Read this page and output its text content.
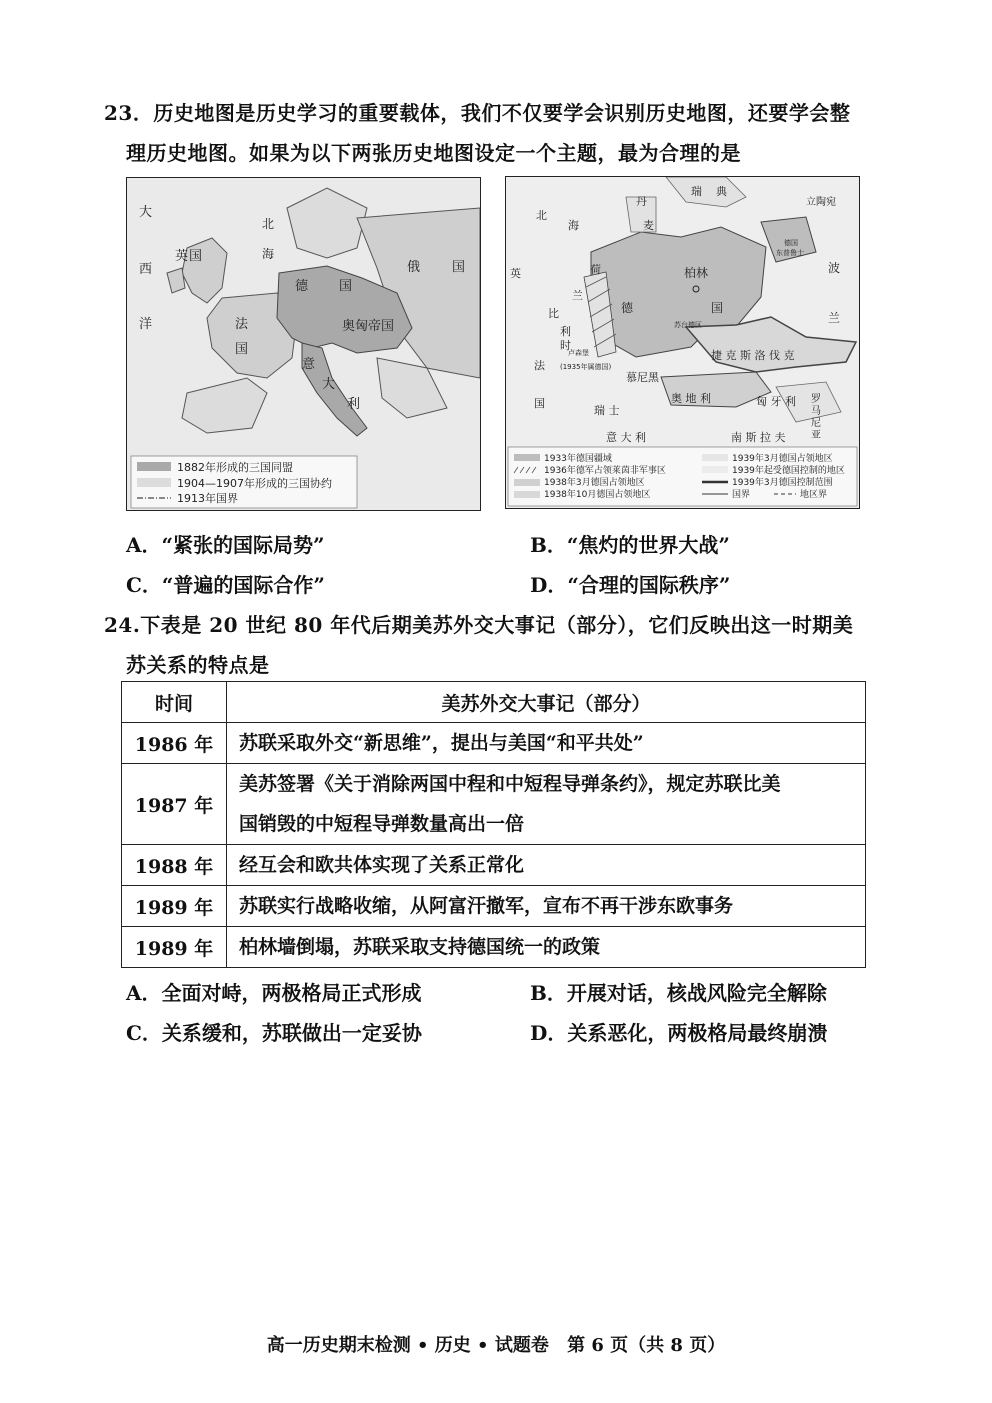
23．历史地图是历史学习的重要载体，我们不仅要学会识别历史地图，还要学会整
理历史地图。如果为以下两张历史地图设定一个主题，最为合理的是
大
西
洋
英 国
法
国
德 国
俄 国
奥匈帝国
意
大
利
北
海
1882年形成的三国同盟
1904—1907年形成的三国协约
1913年国界
瑞 典
丹
麦
北
海
英	荷
兰
比
利
时
法
国
卢森堡
(1935年属德国)
柏林
德	国
立陶宛
德国
东普鲁士
波
兰
苏台德区
捷 克 斯 洛 伐 克
慕尼黑
奥 地 利	匈 牙 利 罗
马
尼
亚
瑞 士
意 大 利	南 斯 拉 夫
1933年德国疆域
1936年德军占领莱茵非军事区
1938年3月德国占领地区
1938年10月德国占领地区
1939年3月德国占领地区
1939年起受德国控制的地区
1939年3月德国控制范围
国界	地区界
A．“紧张的国际局势”	B．“焦灼的世界大战”
C．“普遍的国际合作”	D．“合理的国际秩序”
24.下表是 20 世纪 80 年代后期美苏外交大事记（部分），它们反映出这一时期美
苏关系的特点是
时间	美苏外交大事记（部分）
1986 年	苏联采取外交“新思维”，提出与美国“和平共处”
1987 年	美苏签署《关于消除两国中程和中短程导弹条约》，规定苏联比美
国销毁的中短程导弹数量高出一倍

1988 年	经互会和欧共体实现了关系正常化
1989 年	苏联实行战略收缩，从阿富汗撤军，宣布不再干涉东欧事务
1989 年	柏林墙倒塌，苏联采取支持德国统一的政策
A．全面对峙，两极格局正式形成	B．开展对话，核战风险完全解除
C．关系缓和，苏联做出一定妥协	D．关系恶化，两极格局最终崩溃
高一历史期末检测 • 历史 • 试题卷 第 6 页（共 8 页）
